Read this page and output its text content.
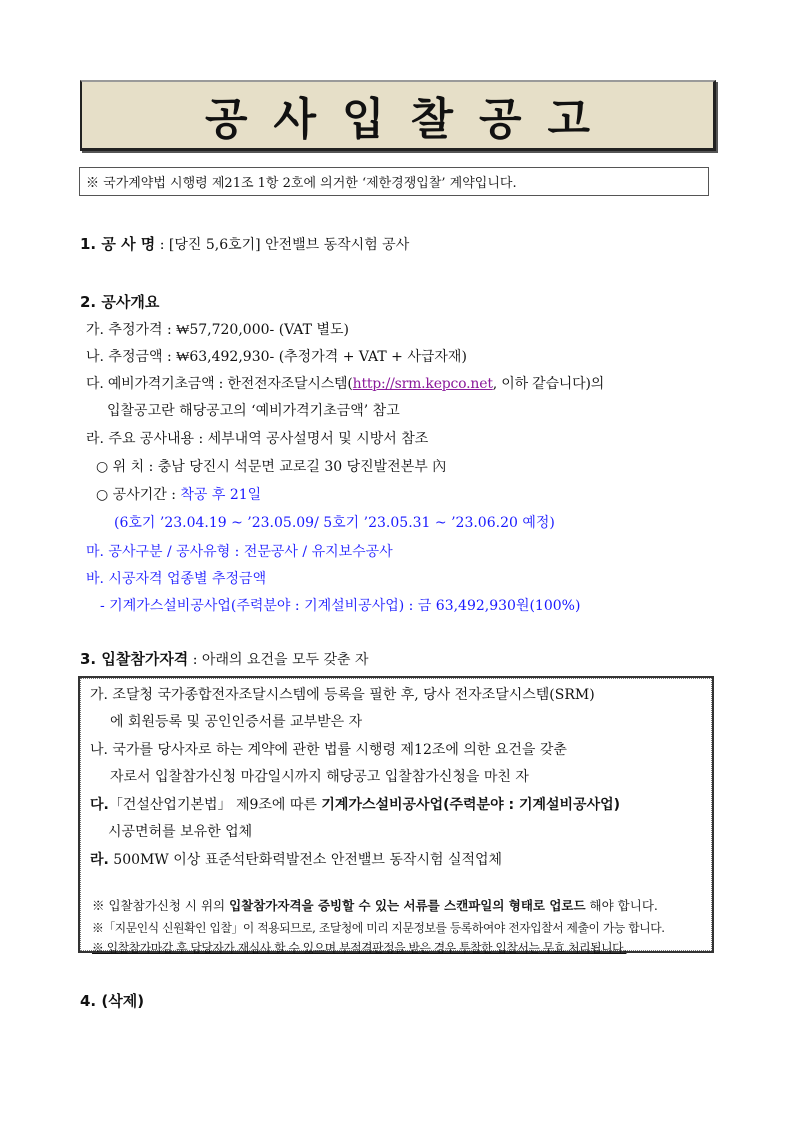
공사입찰공고
※ 국가계약법 시행령 제21조 1항 2호에 의거한 ‘제한경쟁입찰’ 계약입니다.
1. 공 사 명 : [당진 5,6호기] 안전밸브 동작시험 공사
2. 공사개요
가. 추정가격 : ₩57,720,000- (VAT 별도)
나. 추정금액 : ₩63,492,930- (추정가격 + VAT + 사급자재)
다. 예비가격기초금액 : 한전전자조달시스템(http://srm.kepco.net, 이하 같습니다)의
입찰공고란 해당공고의 ‘예비가격기초금액’ 참고
라. 주요 공사내용 : 세부내역 공사설명서 및 시방서 참조
○ 위 치 : 충남 당진시 석문면 교로길 30 당진발전본부 內
○ 공사기간 : 착공 후 21일
(6호기 ’23.04.19 ~ ’23.05.09/ 5호기 ’23.05.31 ~ ’23.06.20 예정)
마. 공사구분 / 공사유형 : 전문공사 / 유지보수공사
바. 시공자격 업종별 추정금액
- 기계가스설비공사업(주력분야 : 기계설비공사업) : 금 63,492,930원(100%)
3. 입찰참가자격 : 아래의 요건을 모두 갖춘 자
가. 조달청 국가종합전자조달시스템에 등록을 필한 후, 당사 전자조달시스템(SRM)
에 회원등록 및 공인인증서를 교부받은 자
나. 국가를 당사자로 하는 계약에 관한 법률 시행령 제12조에 의한 요건을 갖춘
자로서 입찰참가신청 마감일시까지 해당공고 입찰참가신청을 마친 자
다.「건설산업기본법」 제9조에 따른 기계가스설비공사업(주력분야 : 기계설비공사업)
시공면허를 보유한 업체
라. 500MW 이상 표준석탄화력발전소 안전밸브 동작시험 실적업체
※ 입찰참가신청 시 위의 입찰참가자격을 증빙할 수 있는 서류를 스캔파일의 형태로 업로드 해야 합니다.
※「지문인식 신원확인 입찰」이 적용되므로, 조달청에 미리 지문정보를 등록하여야 전자입찰서 제출이 가능 합니다.
※ 입찰참가마감 후 담당자가 재심사 할 수 있으며 부적격판정을 받은 경우 투찰한 입찰서는 무효 처리됩니다.
4. (삭제)
